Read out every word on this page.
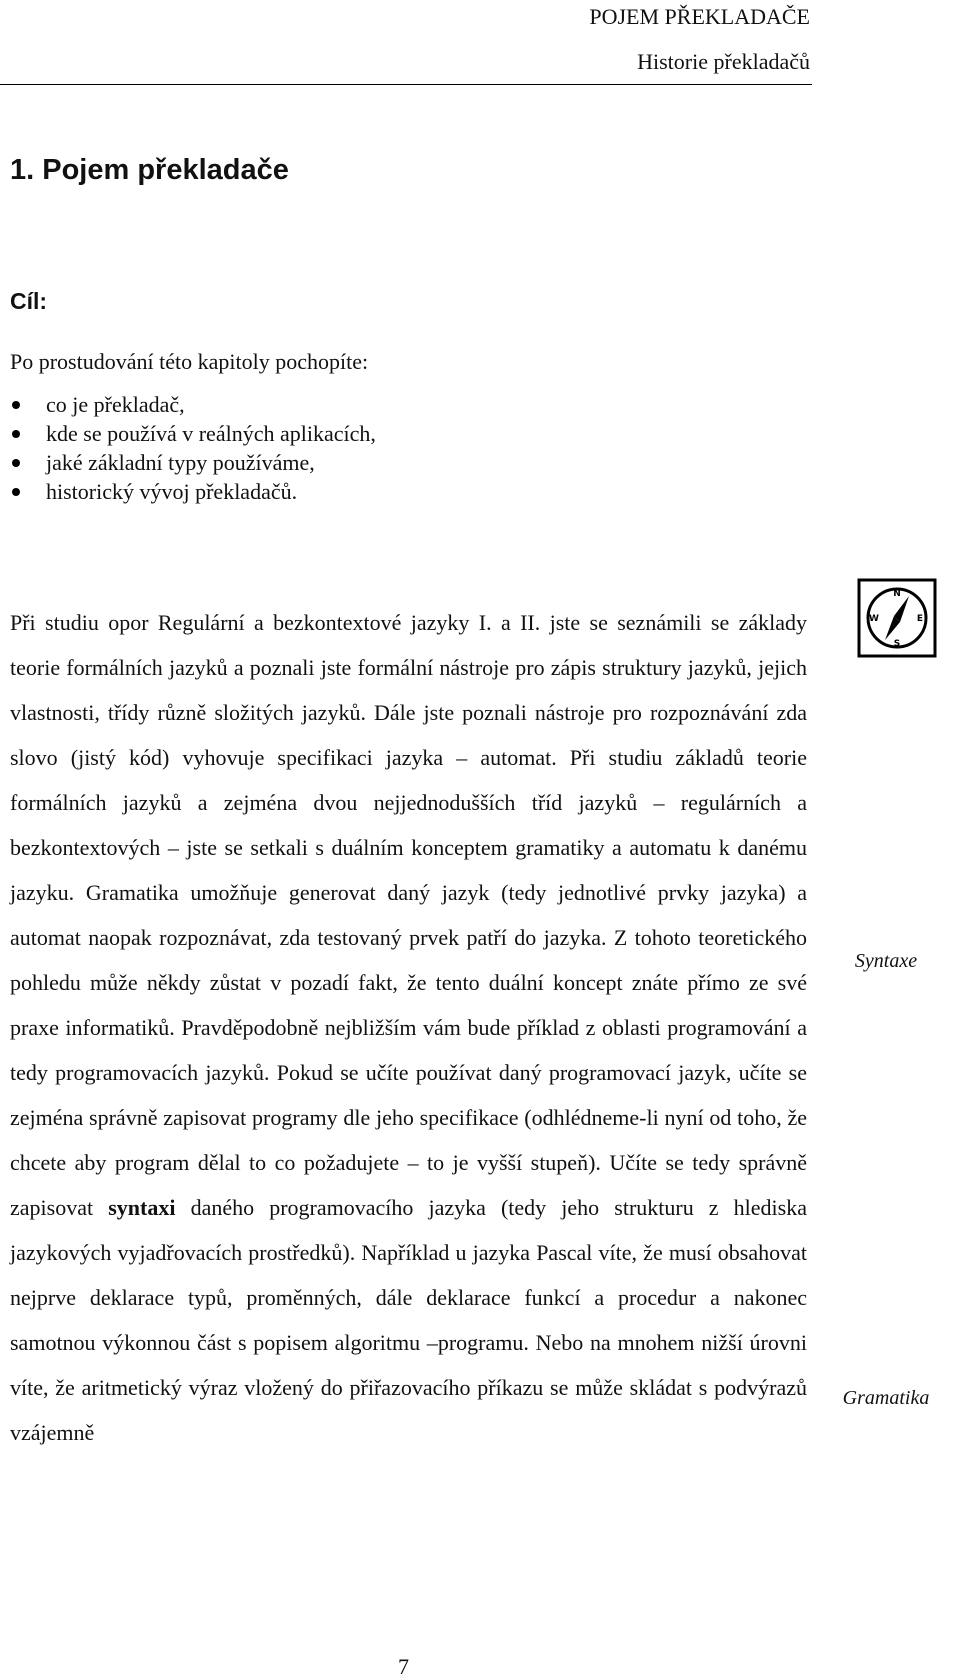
POJEM PŘEKLADAČE
Historie překladačů
1. Pojem překladače
Cíl:
Po prostudování této kapitoly pochopíte:
co je překladač,
kde se používá v reálných aplikacích,
jaké základní typy používáme,
historický vývoj překladačů.

Při studiu opor Regulární a bezkontextové jazyky I. a II. jste se seznámili se základy teorie formálních jazyků a poznali jste formální nástroje pro zápis struktury jazyků, jejich vlastnosti, třídy různě složitých jazyků. Dále jste poznali nástroje pro rozpoznávání zda slovo (jistý kód) vyhovuje specifikaci jazyka – automat. Při studiu základů teorie formálních jazyků a zejména dvou nejjednodušších tříd jazyků – regulárních a bezkontextových – jste se setkali s duálním konceptem gramatiky a automatu k danému jazyku. Gramatika umožňuje generovat daný jazyk (tedy jednotlivé prvky jazyka) a automat naopak rozpoznávat, zda testovaný prvek patří do jazyka. Z tohoto teoretického pohledu může někdy zůstat v pozadí fakt, že tento duální koncept znáte přímo ze své praxe informatiků. Pravděpodobně nejbližším vám bude příklad z oblasti programování a tedy programovacích jazyků. Pokud se učíte používat daný programovací jazyk, učíte se zejména správně zapisovat programy dle jeho specifikace (odhlédneme-li nyní od toho, že chcete aby program dělal to co požadujete – to je vyšší stupeň). Učíte se tedy správně zapisovat syntaxi daného programovacího jazyka (tedy jeho strukturu z hlediska jazykových vyjadřovacích prostředků). Například u jazyka Pascal víte, že musí obsahovat nejprve deklarace typů, proměnných, dále deklarace funkcí a procedur a nakonec samotnou výkonnou část s popisem algoritmu –programu. Nebo na mnohem nižší úrovni víte, že aritmetický výraz vložený do přiřazovacího příkazu se může skládat s podvýrazů vzájemně

N
W	E
S
Syntaxe
Gramatika
7
